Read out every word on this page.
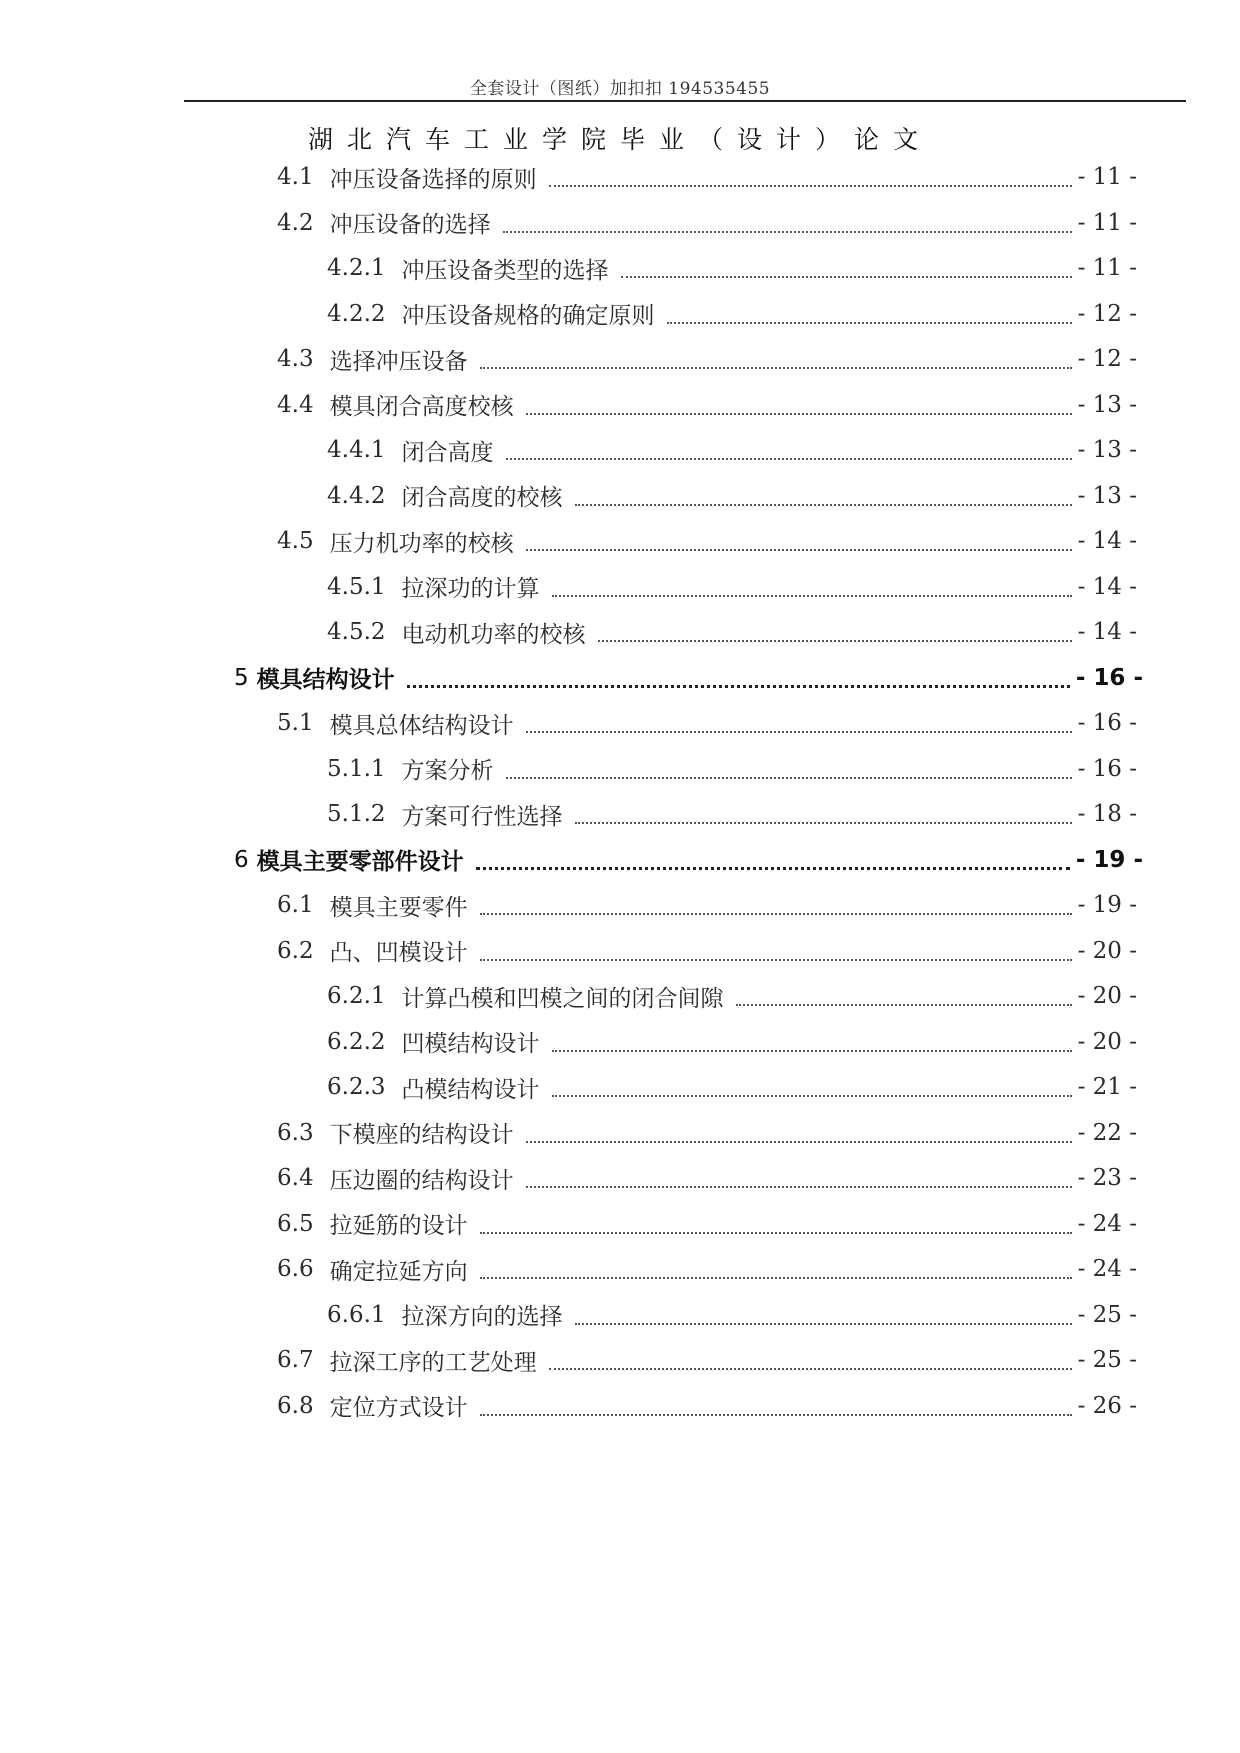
全套设计（图纸）加扣扣 194535455
湖北汽车工业学院毕业（设计）论文
4.1 冲压设备选择的原则	- 11 -
4.2 冲压设备的选择	- 11 -
4.2.1 冲压设备类型的选择	- 11 -
4.2.2 冲压设备规格的确定原则	- 12 -
4.3 选择冲压设备	- 12 -
4.4 模具闭合高度校核	- 13 -
4.4.1 闭合高度	- 13 -
4.4.2 闭合高度的校核	- 13 -
4.5 压力机功率的校核	- 14 -
4.5.1 拉深功的计算	- 14 -
4.5.2 电动机功率的校核	- 14 -
5 模具结构设计	- 16 -
5.1 模具总体结构设计	- 16 -
5.1.1 方案分析	- 16 -
5.1.2 方案可行性选择	- 18 -
6 模具主要零部件设计	- 19 -
6.1 模具主要零件	- 19 -
6.2 凸、凹模设计	- 20 -
6.2.1 计算凸模和凹模之间的闭合间隙	- 20 -
6.2.2 凹模结构设计	- 20 -
6.2.3 凸模结构设计	- 21 -
6.3 下模座的结构设计	- 22 -
6.4 压边圈的结构设计	- 23 -
6.5 拉延筋的设计	- 24 -
6.6 确定拉延方向	- 24 -
6.6.1 拉深方向的选择	- 25 -
6.7 拉深工序的工艺处理	- 25 -
6.8 定位方式设计	- 26 -
